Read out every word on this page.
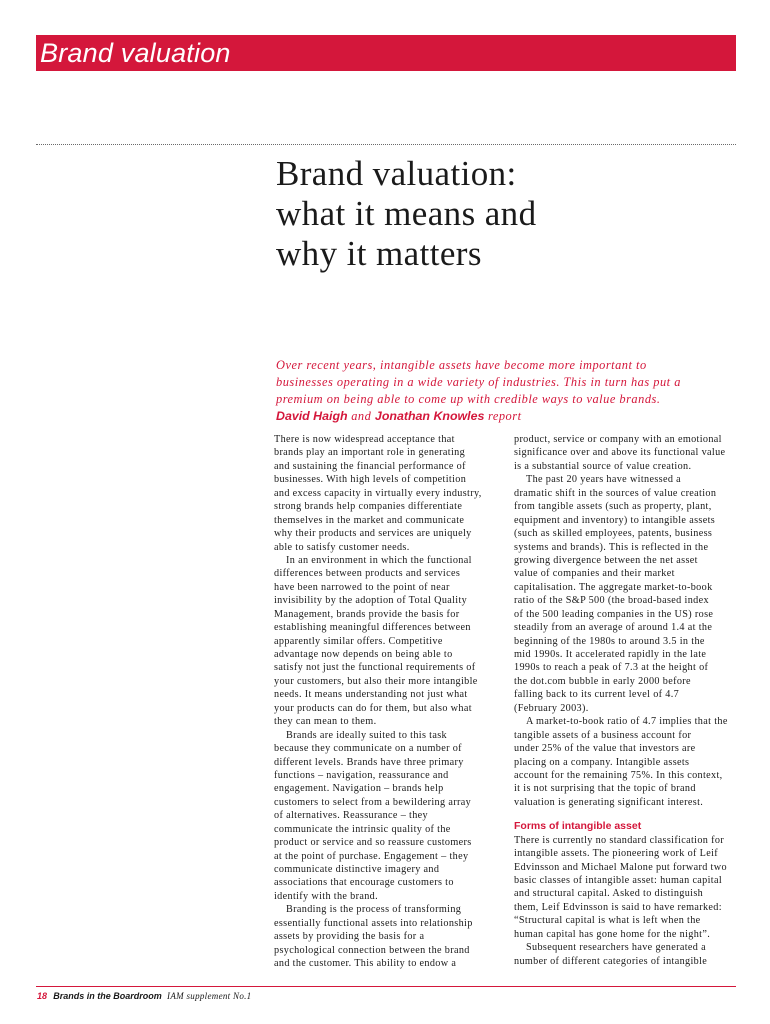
Brand valuation
Brand valuation:
what it means and
why it matters
Over recent years, intangible assets have become more important to
businesses operating in a wide variety of industries. This in turn has put a
premium on being able to come up with credible ways to value brands.
David Haigh and Jonathan Knowles report
There is now widespread acceptance that
brands play an important role in generating
and sustaining the financial performance of
businesses. With high levels of competition
and excess capacity in virtually every industry,
strong brands help companies differentiate
themselves in the market and communicate
why their products and services are uniquely
able to satisfy customer needs.
In an environment in which the functional
differences between products and services
have been narrowed to the point of near
invisibility by the adoption of Total Quality
Management, brands provide the basis for
establishing meaningful differences between
apparently similar offers. Competitive
advantage now depends on being able to
satisfy not just the functional requirements of
your customers, but also their more intangible
needs. It means understanding not just what
your products can do for them, but also what
they can mean to them.
Brands are ideally suited to this task
because they communicate on a number of
different levels. Brands have three primary
functions – navigation, reassurance and
engagement. Navigation – brands help
customers to select from a bewildering array
of alternatives. Reassurance – they
communicate the intrinsic quality of the
product or service and so reassure customers
at the point of purchase. Engagement – they
communicate distinctive imagery and
associations that encourage customers to
identify with the brand.
Branding is the process of transforming
essentially functional assets into relationship
assets by providing the basis for a
psychological connection between the brand
and the customer. This ability to endow a
product, service or company with an emotional
significance over and above its functional value
is a substantial source of value creation.
The past 20 years have witnessed a
dramatic shift in the sources of value creation
from tangible assets (such as property, plant,
equipment and inventory) to intangible assets
(such as skilled employees, patents, business
systems and brands). This is reflected in the
growing divergence between the net asset
value of companies and their market
capitalisation. The aggregate market-to-book
ratio of the S&P 500 (the broad-based index
of the 500 leading companies in the US) rose
steadily from an average of around 1.4 at the
beginning of the 1980s to around 3.5 in the
mid 1990s. It accelerated rapidly in the late
1990s to reach a peak of 7.3 at the height of
the dot.com bubble in early 2000 before
falling back to its current level of 4.7
(February 2003).
A market-to-book ratio of 4.7 implies that the
tangible assets of a business account for
under 25% of the value that investors are
placing on a company. Intangible assets
account for the remaining 75%. In this context,
it is not surprising that the topic of brand
valuation is generating significant interest.
Forms of intangible asset
There is currently no standard classification for
intangible assets. The pioneering work of Leif
Edvinsson and Michael Malone put forward two
basic classes of intangible asset: human capital
and structural capital. Asked to distinguish
them, Leif Edvinsson is said to have remarked:
“Structural capital is what is left when the
human capital has gone home for the night”.
Subsequent researchers have generated a
number of different categories of intangible
18 Brands in the Boardroom IAM supplement No.1
